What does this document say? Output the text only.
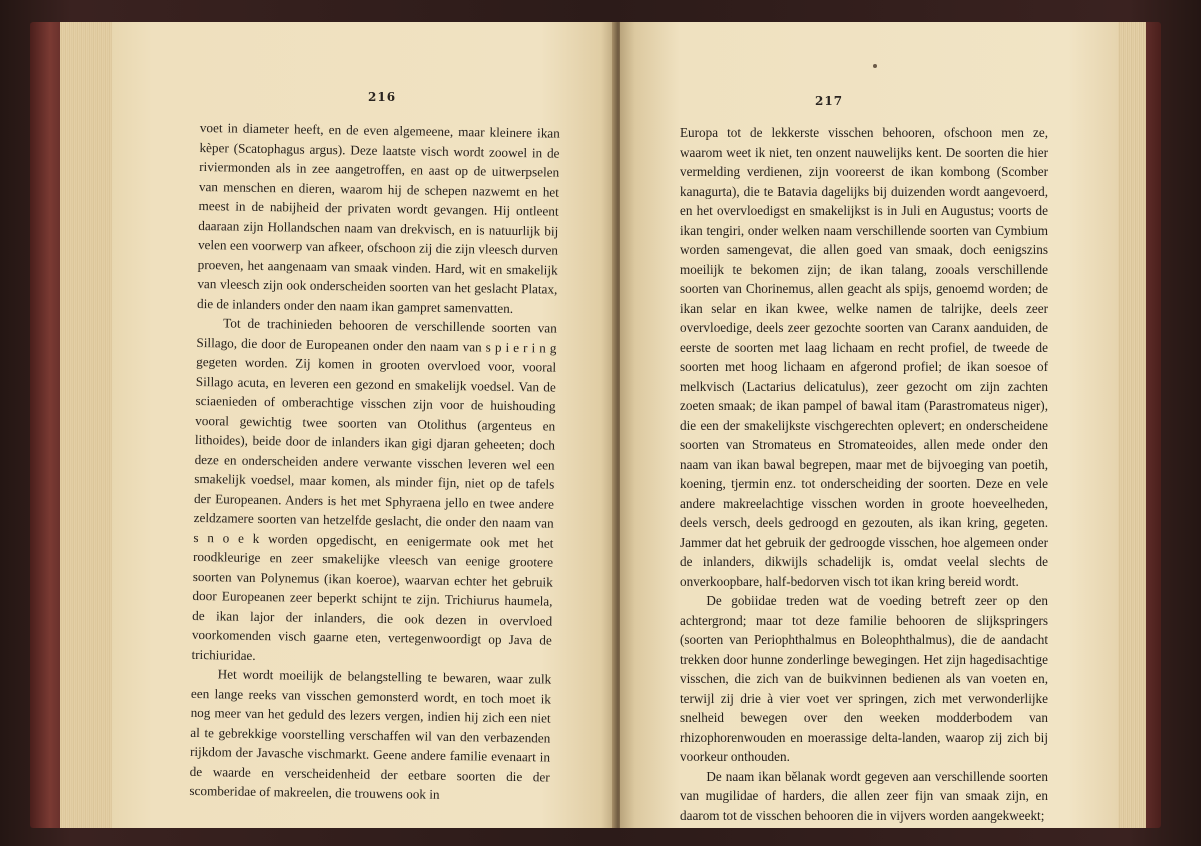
216

voet in diameter heeft, en de even algemeene, maar kleinere ikan kèper (Scatophagus argus). Deze laatste visch wordt zoowel in de riviermonden als in zee aangetroffen, en aast op de uitwerpselen van menschen en dieren, waarom hij de schepen nazwemt en het meest in de nabijheid der privaten wordt gevangen. Hij ontleent daaraan zijn Hollandschen naam van drekvisch, en is natuurlijk bij velen een voorwerp van afkeer, ofschoon zij die zijn vleesch durven proeven, het aangenaam van smaak vinden. Hard, wit en smakelijk van vleesch zijn ook onderscheiden soorten van het geslacht Platax, die de inlanders onder den naam ikan gampret samenvatten.

Tot de trachinieden behooren de verschillende soorten van Sillago, die door de Europeanen onder den naam van s p i e r i n g gegeten worden. Zij komen in grooten overvloed voor, vooral Sillago acuta, en leveren een gezond en smakelijk voedsel. Van de sciaenieden of omberachtige visschen zijn voor de huishouding vooral gewichtig twee soorten van Otolithus (argenteus en lithoides), beide door de inlanders ikan gigi djaran geheeten; doch deze en onderscheiden andere verwante visschen leveren wel een smakelijk voedsel, maar komen, als minder fijn, niet op de tafels der Europeanen. Anders is het met Sphyraena jello en twee andere zeldzamere soorten van hetzelfde geslacht, die onder den naam van s n o e k worden opgedischt, en eenigermate ook met het roodkleurige en zeer smakelijke vleesch van eenige grootere soorten van Polynemus (ikan koeroe), waarvan echter het gebruik door Europeanen zeer beperkt schijnt te zijn. Trichiurus haumela, de ikan lajor der inlanders, die ook dezen in overvloed voorkomenden visch gaarne eten, vertegenwoordigt op Java de trichiuridae.

Het wordt moeilijk de belangstelling te bewaren, waar zulk een lange reeks van visschen gemonsterd wordt, en toch moet ik nog meer van het geduld des lezers vergen, indien hij zich een niet al te gebrekkige voorstelling verschaffen wil van den verbazenden rijkdom der Javasche vischmarkt. Geene andere familie evenaart in de waarde en verscheidenheid der eetbare soorten die der scomberidae of makreelen, die trouwens ook in

217

Europa tot de lekkerste visschen behooren, ofschoon men ze, waarom weet ik niet, ten onzent nauwelijks kent. De soorten die hier vermelding verdienen, zijn vooreerst de ikan kombong (Scomber kanagurta), die te Batavia dagelijks bij duizenden wordt aangevoerd, en het overvloedigst en smakelijkst is in Juli en Augustus; voorts de ikan tengiri, onder welken naam verschillende soorten van Cymbium worden samengevat, die allen goed van smaak, doch eenigszins moeilijk te bekomen zijn; de ikan talang, zooals verschillende soorten van Chorinemus, allen geacht als spijs, genoemd worden; de ikan selar en ikan kwee, welke namen de talrijke, deels zeer overvloedige, deels zeer gezochte soorten van Caranx aanduiden, de eerste de soorten met laag lichaam en recht profiel, de tweede de soorten met hoog lichaam en afgerond profiel; de ikan soesoe of melkvisch (Lactarius delicatulus), zeer gezocht om zijn zachten zoeten smaak; de ikan pampel of bawal itam (Parastromateus niger), die een der smakelijkste vischgerechten oplevert; en onderscheidene soorten van Stromateus en Stromateoides, allen mede onder den naam van ikan bawal begrepen, maar met de bijvoeging van poetih, koening, tjermin enz. tot onderscheiding der soorten. Deze en vele andere makreelachtige visschen worden in groote hoeveelheden, deels versch, deels gedroogd en gezouten, als ikan kring, gegeten. Jammer dat het gebruik der gedroogde visschen, hoe algemeen onder de inlanders, dikwijls schadelijk is, omdat veelal slechts de onverkoopbare, half-bedorven visch tot ikan kring bereid wordt.

De gobiidae treden wat de voeding betreft zeer op den achtergrond; maar tot deze familie behooren de slijkspringers (soorten van Periophthalmus en Boleophthalmus), die de aandacht trekken door hunne zonderlinge bewegingen. Het zijn hagedisachtige visschen, die zich van de buikvinnen bedienen als van voeten en, terwijl zij drie à vier voet ver springen, zich met verwonderlijke snelheid bewegen over den weeken modderbodem van rhizophorenwouden en moerassige delta-landen, waarop zij zich bij voorkeur onthouden.

De naam ikan bělanak wordt gegeven aan verschillende soorten van mugilidae of harders, die allen zeer fijn van smaak zijn, en daarom tot de visschen behooren die in vijvers worden aangekweekt;
